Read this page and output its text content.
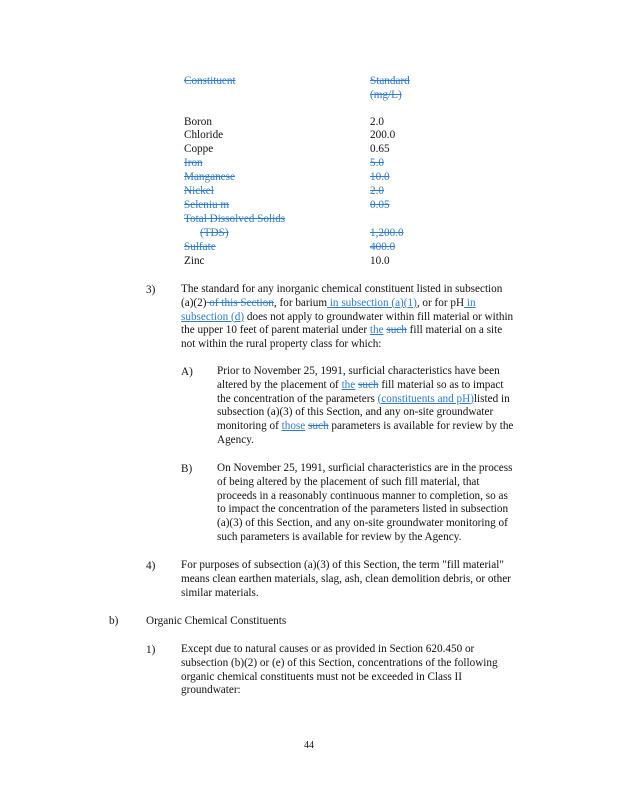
Constituent	Standard
(mg/L)
Boron	2.0
Chloride	200.0
Coppe	0.65
Iron	5.0
Manganese	10.0
Nickel	2.0
Seleniu m	0.05
Total Dissolved Solids
(TDS)	1,200.0
Sulfate	400.0
Zinc	10.0
3) The standard for any inorganic chemical constituent listed in subsection
(a)(2) of this Section, for barium in subsection (a)(1), or for pH in
subsection (d) does not apply to groundwater within fill material or within
the upper 10 feet of parent material under the such fill material on a site
not within the rural property class for which:
A) Prior to November 25, 1991, surficial characteristics have been
altered by the placement of the such fill material so as to impact
the concentration of the parameters (constituents and pH)listed in
subsection (a)(3) of this Section, and any on-site groundwater
monitoring of those such parameters is available for review by the
Agency.
B) On November 25, 1991, surficial characteristics are in the process
of being altered by the placement of such fill material, that
proceeds in a reasonably continuous manner to completion, so as
to impact the concentration of the parameters listed in subsection
(a)(3) of this Section, and any on-site groundwater monitoring of
such parameters is available for review by the Agency.
4) For purposes of subsection (a)(3) of this Section, the term "fill material"
means clean earthen materials, slag, ash, clean demolition debris, or other
similar materials.
b) Organic Chemical Constituents
1) Except due to natural causes or as provided in Section 620.450 or
subsection (b)(2) or (e) of this Section, concentrations of the following
organic chemical constituents must not be exceeded in Class II
groundwater:
44
